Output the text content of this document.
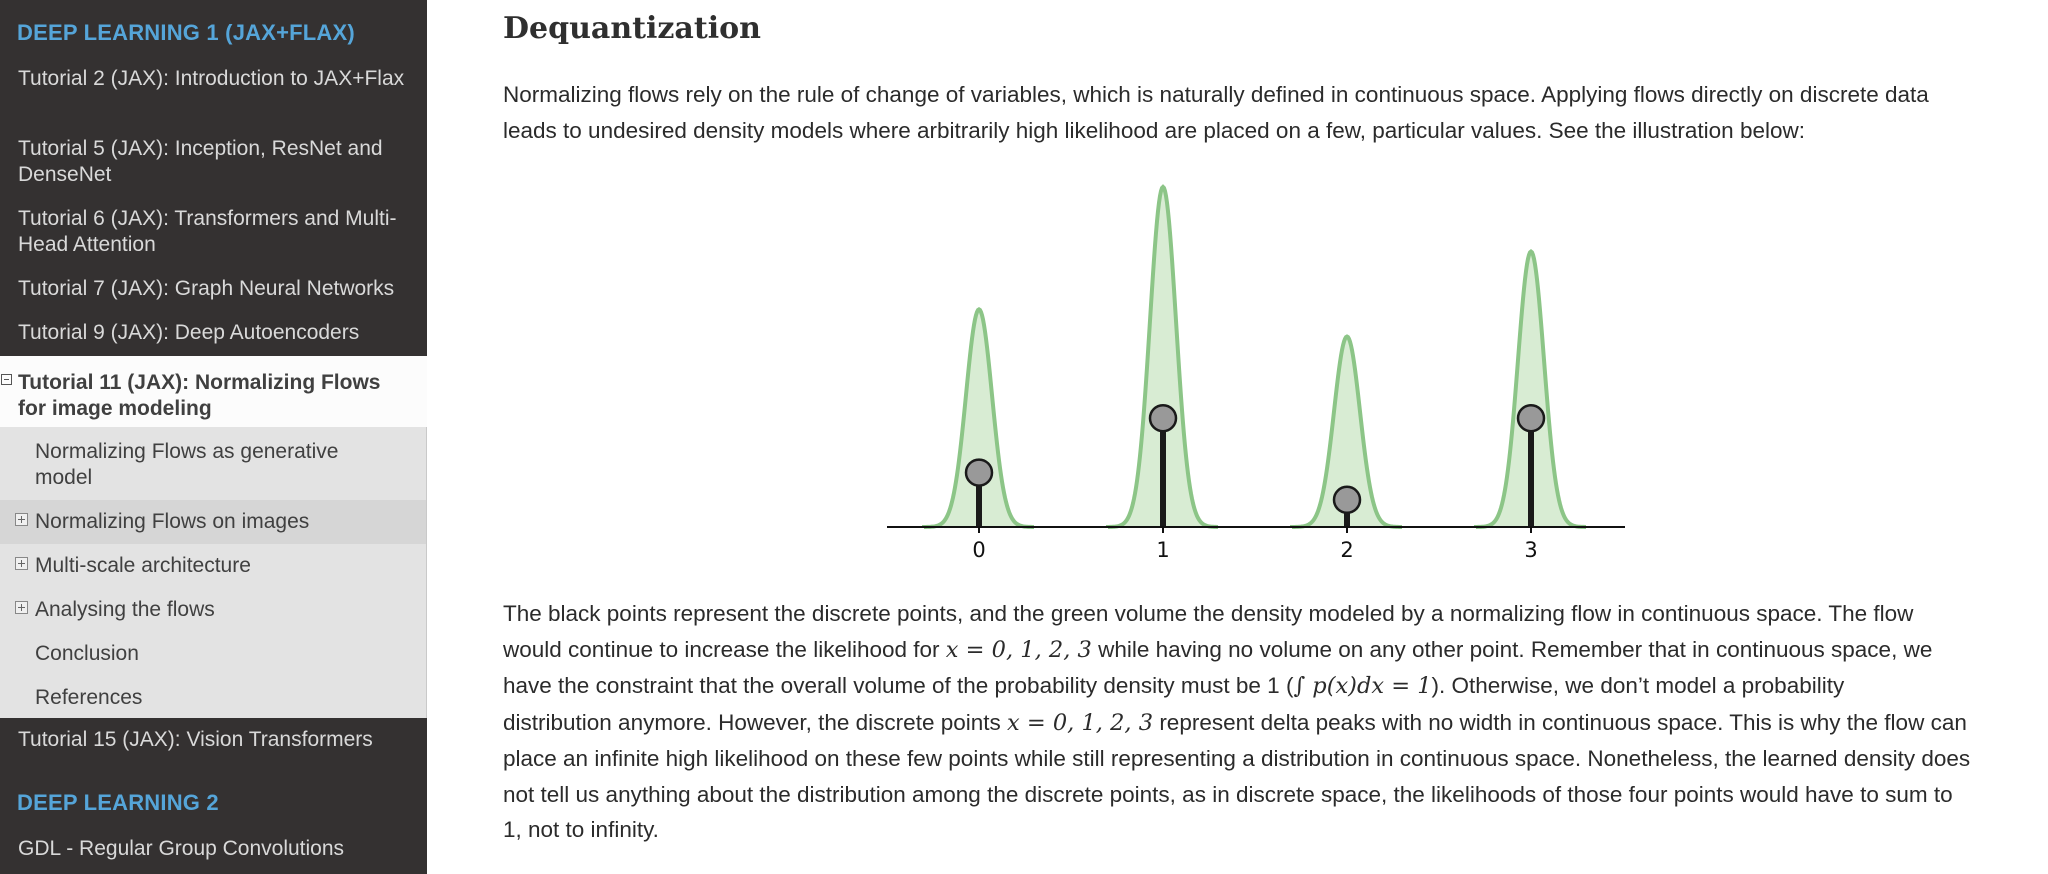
DEEP LEARNING 1 (JAX+FLAX)
Tutorial 2 (JAX): Introduction to JAX+Flax
Tutorial 5 (JAX): Inception, ResNet and DenseNet
Tutorial 6 (JAX): Transformers and Multi-Head Attention
Tutorial 7 (JAX): Graph Neural Networks
Tutorial 9 (JAX): Deep Autoencoders
Tutorial 11 (JAX): Normalizing Flows for image modeling
Normalizing Flows as generative model
Normalizing Flows on images
Multi-scale architecture
Analysing the flows
Conclusion
References
Tutorial 15 (JAX): Vision Transformers
DEEP LEARNING 2
GDL - Regular Group Convolutions
Dequantization
Normalizing flows rely on the rule of change of variables, which is naturally defined in continuous space. Applying flows directly on discrete data
leads to undesired density models where arbitrarily high likelihood are placed on a few, particular values. See the illustration below:
0	1	2	3
The black points represent the discrete points, and the green volume the density modeled by a normalizing flow in continuous space. The flow
would continue to increase the likelihood for x = 0, 1, 2, 3 while having no volume on any other point. Remember that in continuous space, we
have the constraint that the overall volume of the probability density must be 1 (∫ p(x)dx = 1). Otherwise, we don’t model a probability
distribution anymore. However, the discrete points x = 0, 1, 2, 3 represent delta peaks with no width in continuous space. This is why the flow can
place an infinite high likelihood on these few points while still representing a distribution in continuous space. Nonetheless, the learned density does
not tell us anything about the distribution among the discrete points, as in discrete space, the likelihoods of those four points would have to sum to
1, not to infinity.
